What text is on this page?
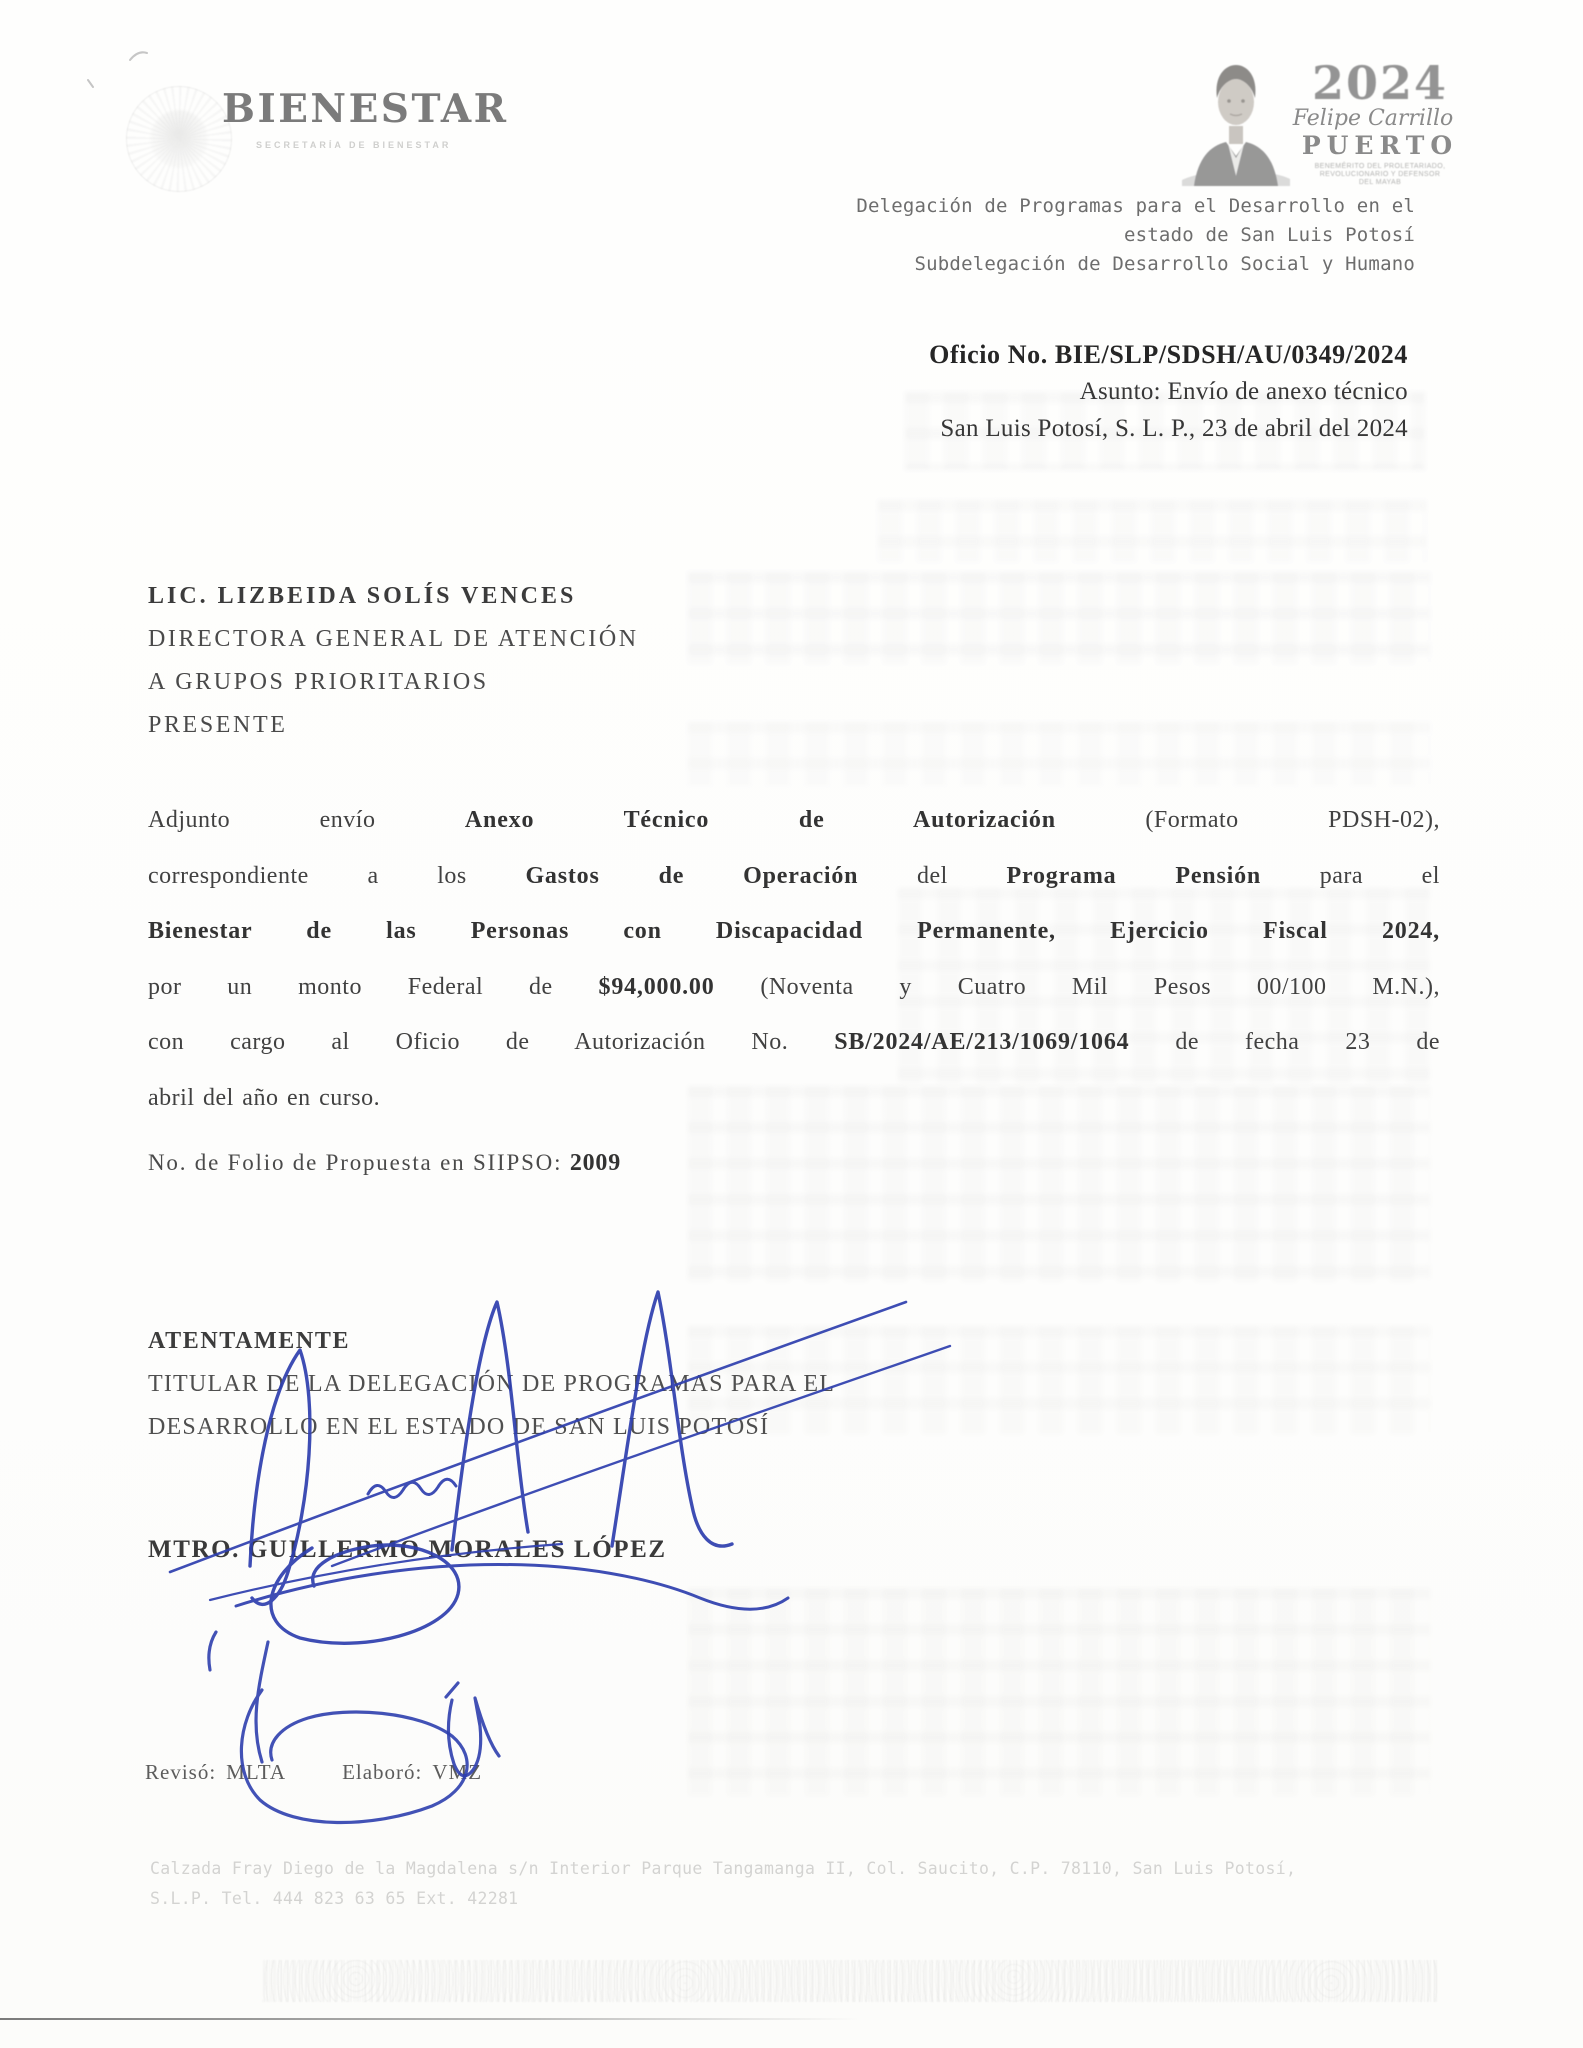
BIENESTAR
SECRETARÍA DE BIENESTAR
2024
Felipe Carrillo
PUERTO
BENEMÉRITO DEL PROLETARIADO,
REVOLUCIONARIO Y DEFENSOR
DEL MAYAB
Delegación de Programas para el Desarrollo en el
estado de San Luis Potosí
Subdelegación de Desarrollo Social y Humano
Oficio No. BIE/SLP/SDSH/AU/0349/2024
Asunto: Envío de anexo técnico
San Luis Potosí, S. L. P., 23 de abril del 2024
LIC. LIZBEIDA SOLÍS VENCES
DIRECTORA GENERAL DE ATENCIÓN
A GRUPOS PRIORITARIOS
PRESENTE
Adjunto envío Anexo Técnico de Autorización (Formato PDSH-02),
correspondiente a los Gastos de Operación del Programa Pensión para el
Bienestar de las Personas con Discapacidad Permanente, Ejercicio Fiscal 2024,
por un monto Federal de $94,000.00 (Noventa y Cuatro Mil Pesos 00/100 M.N.),
con cargo al Oficio de Autorización No. SB/2024/AE/213/1069/1064 de fecha 23 de
abril del año en curso.
No. de Folio de Propuesta en SIIPSO: 2009
ATENTAMENTE
TITULAR DE LA DELEGACIÓN DE PROGRAMAS PARA EL
DESARROLLO EN EL ESTADO DE SAN LUIS POTOSÍ
MTRO. GUILLERMO MORALES LÓPEZ
Revisó: MLTA	Elaboró: VMZ
Calzada Fray Diego de la Magdalena s/n Interior Parque Tangamanga II, Col. Saucito, C.P. 78110, San Luis Potosí,
S.L.P. Tel. 444 823 63 65 Ext. 42281
